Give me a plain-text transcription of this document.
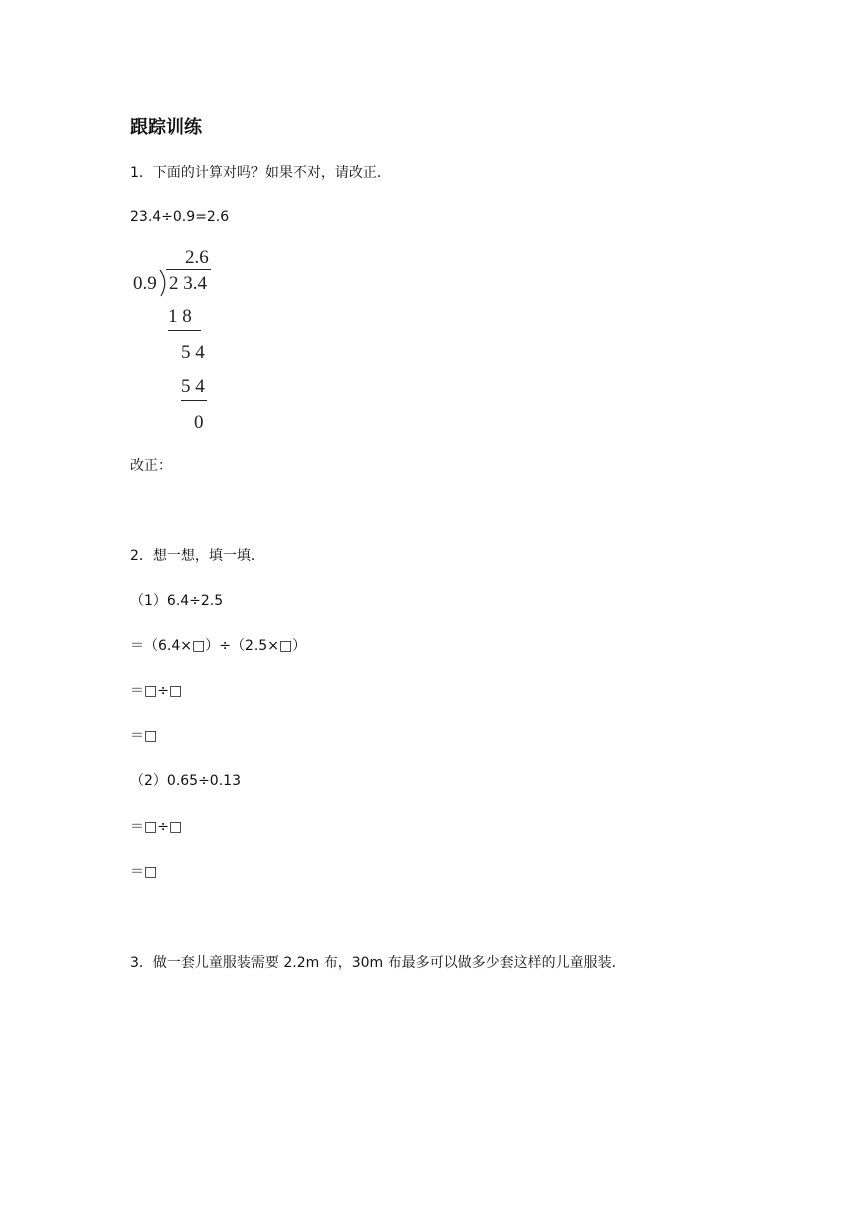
跟踪训练
1．下面的计算对吗？如果不对，请改正．
23.4÷0.9=2.6
2.6
0.9 2 3.4
1 8
5 4
5 4
0
改正：
2．想一想，填一填．
（1）6.4÷2.5
＝（6.4×□）÷（2.5×□）
＝□÷□
＝□
（2）0.65÷0.13
＝□÷□
＝□
3．做一套儿童服装需要 2.2m 布，30m 布最多可以做多少套这样的儿童服装．
